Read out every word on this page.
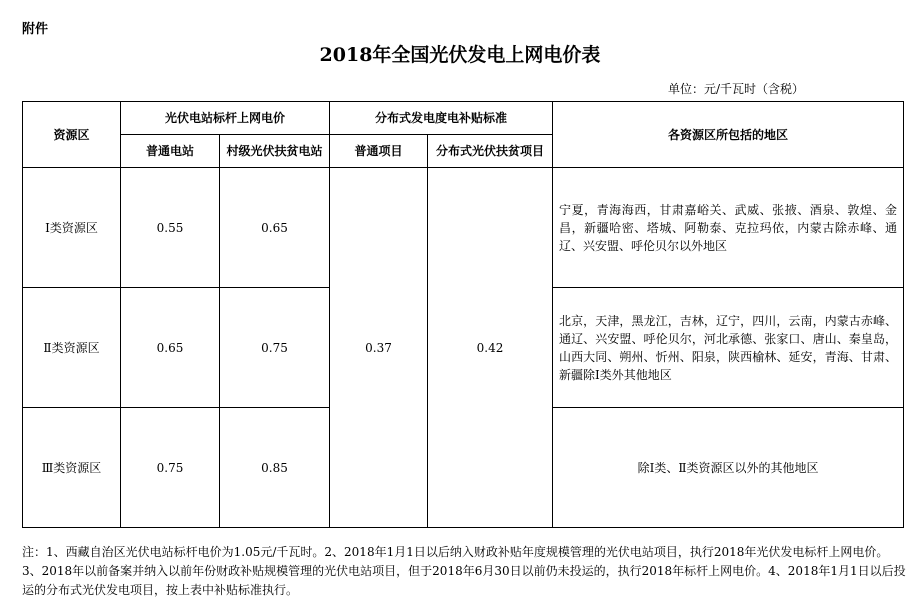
附件
2018年全国光伏发电上网电价表
单位：元/千瓦时（含税）
资源区	光伏电站标杆上网电价		分布式发电度电补贴标准		各资源区所包括的地区
	普通电站	村级光伏扶贫电站	普通项目	分布式光伏扶贫项目	
Ⅰ类资源区	0.55	0.65	0.37	0.42	宁夏，青海海西，甘肃嘉峪关、武威、张掖、酒泉、敦煌、金昌，新疆哈密、塔城、阿勒泰、克拉玛依，内蒙古除赤峰、通辽、兴安盟、呼伦贝尔以外地区
Ⅱ类资源区	0.65	0.75			北京，天津，黑龙江，吉林，辽宁，四川，云南，内蒙古赤峰、通辽、兴安盟、呼伦贝尔，河北承德、张家口、唐山、秦皇岛，山西大同、朔州、忻州、阳泉，陕西榆林、延安，青海、甘肃、新疆除Ⅰ类外其他地区
Ⅲ类资源区	0.75	0.85			除Ⅰ类、Ⅱ类资源区以外的其他地区
注：1、西藏自治区光伏电站标杆电价为1.05元/千瓦时。2、2018年1月1日以后纳入财政补贴年度规模管理的光伏电站项目，执行2018年光伏发电标杆上网电价。3、2018年以前备案并纳入以前年份财政补贴规模管理的光伏电站项目，但于2018年6月30日以前仍未投运的，执行2018年标杆上网电价。4、2018年1月1日以后投运的分布式光伏发电项目，按上表中补贴标准执行。
